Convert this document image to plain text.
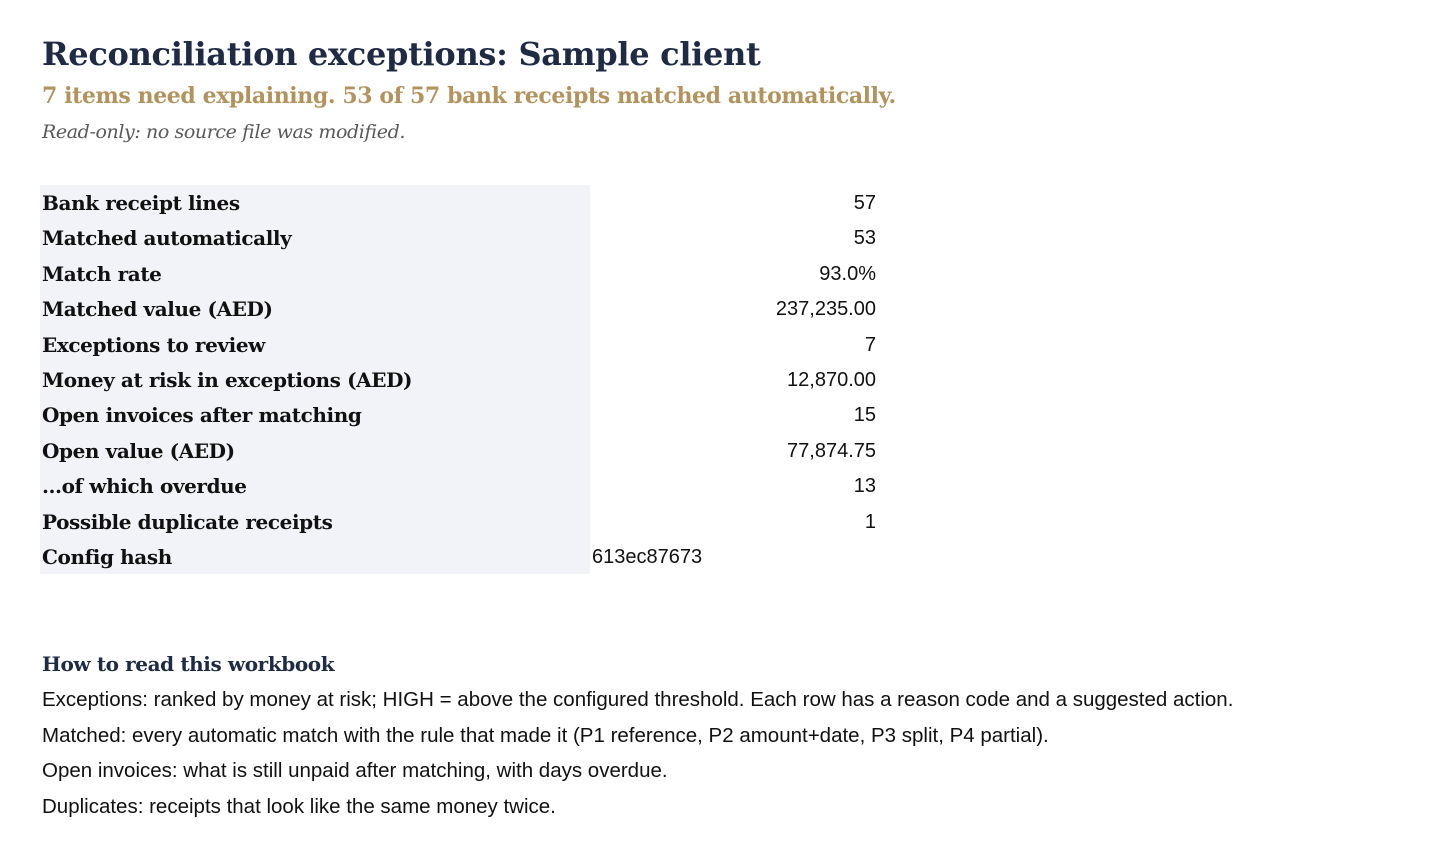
Reconciliation exceptions: Sample client
7 items need explaining. 53 of 57 bank receipts matched automatically.
Read-only: no source file was modified.
Bank receipt lines	57
Matched automatically	53
Match rate	93.0%
Matched value (AED)	237,235.00
Exceptions to review	7
Money at risk in exceptions (AED)	12,870.00
Open invoices after matching	15
Open value (AED)	77,874.75
…of which overdue	13
Possible duplicate receipts	1
Config hash	613ec87673
How to read this workbook
Exceptions: ranked by money at risk; HIGH = above the configured threshold. Each row has a reason code and a suggested action.
Matched: every automatic match with the rule that made it (P1 reference, P2 amount+date, P3 split, P4 partial).
Open invoices: what is still unpaid after matching, with days overdue.
Duplicates: receipts that look like the same money twice.
